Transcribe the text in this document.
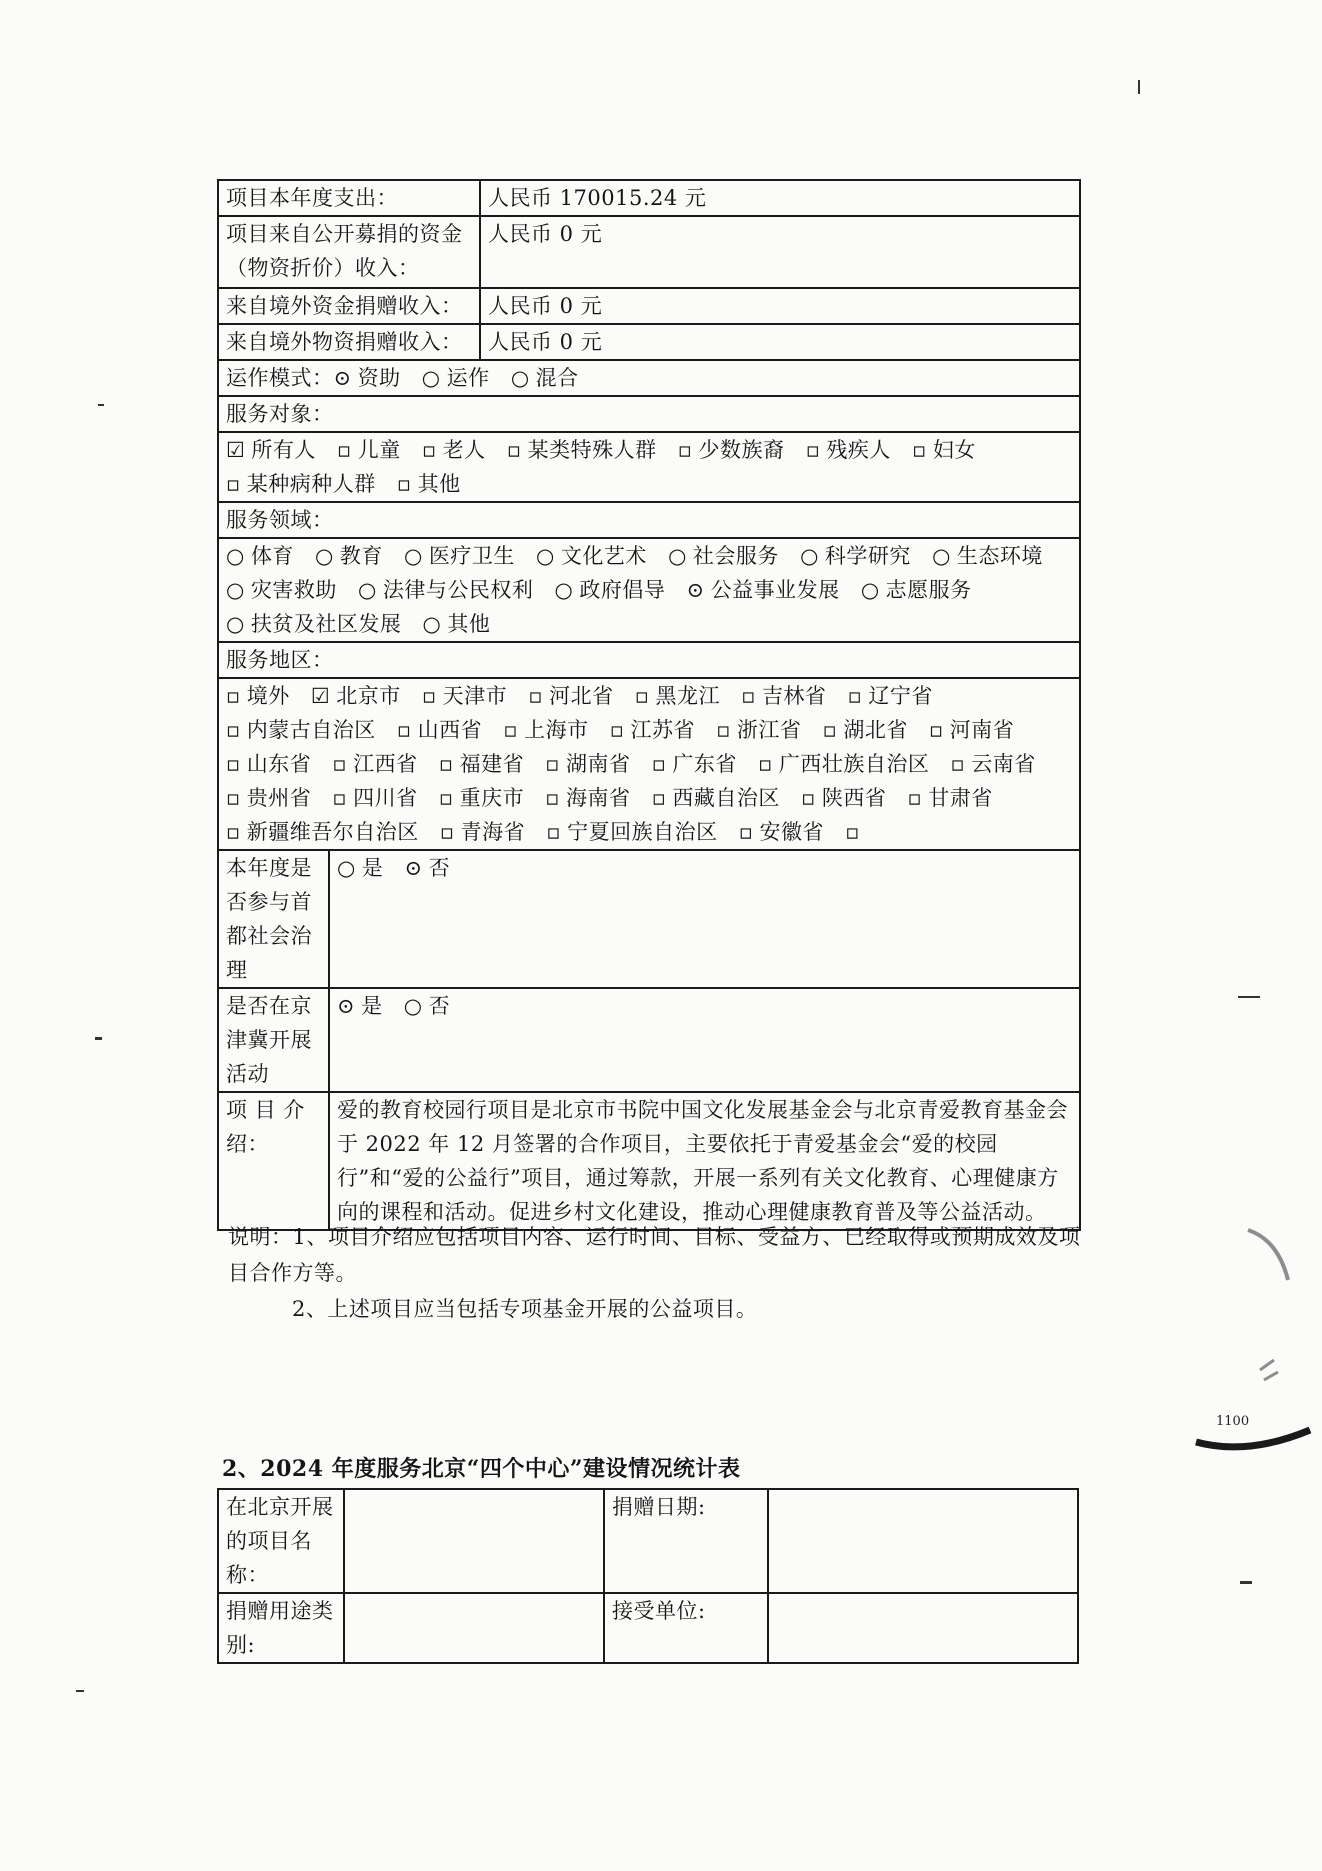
项目本年度支出：		人民币 170015.24 元
项目来自公开募捐的资金（物资折价）收入：		人民币 0 元
来自境外资金捐赠收入：		人民币 0 元
来自境外物资捐赠收入：		人民币 0 元
运作模式：⊙ 资助 ○ 运作 ○ 混合		
服务对象：		
☑ 所有人 ▫ 儿童 ▫ 老人 ▫ 某类特殊人群 ▫ 少数族裔 ▫ 残疾人 ▫ 妇女 ▫ 某种病种人群 ▫ 其他		
服务领域：		
○ 体育 ○ 教育 ○ 医疗卫生 ○ 文化艺术 ○ 社会服务 ○ 科学研究 ○ 生态环境 ○ 灾害救助 ○ 法律与公民权利 ○ 政府倡导 ⊙ 公益事业发展 ○ 志愿服务 ○ 扶贫及社区发展 ○ 其他		
服务地区：		
▫ 境外 ☑ 北京市 ▫ 天津市 ▫ 河北省 ▫ 黑龙江 ▫ 吉林省 ▫ 辽宁省 ▫ 内蒙古自治区 ▫ 山西省 ▫ 上海市 ▫ 江苏省 ▫ 浙江省 ▫ 湖北省 ▫ 河南省 ▫ 山东省 ▫ 江西省 ▫ 福建省 ▫ 湖南省 ▫ 广东省 ▫ 广西壮族自治区 ▫ 云南省 ▫ 贵州省 ▫ 四川省 ▫ 重庆市 ▫ 海南省 ▫ 西藏自治区 ▫ 陕西省 ▫ 甘肃省 ▫ 新疆维吾尔自治区 ▫ 青海省 ▫ 宁夏回族自治区 ▫ 安徽省 ▫		
本年度是否参与首都社会治理	○ 是 ⊙ 否	
是否在京津冀开展活动	⊙ 是 ○ 否	
项 目 介 绍：	爱的教育校园行项目是北京市书院中国文化发展基金会与北京青爱教育基金会于 2022 年 12 月签署的合作项目，主要依托于青爱基金会“爱的校园行”和“爱的公益行”项目，通过筹款，开展一系列有关文化教育、心理健康方向的课程和活动。促进乡村文化建设，推动心理健康教育普及等公益活动。	

说明：1、项目介绍应包括项目内容、运行时间、目标、受益方、已经取得或预期成效及项目合作方等。

2、上述项目应当包括专项基金开展的公益项目。

2、2024 年度服务北京“四个中心”建设情况统计表
在北京开展的项目名称：		捐赠日期:	
捐赠用途类别:		接受单位:	
1100
